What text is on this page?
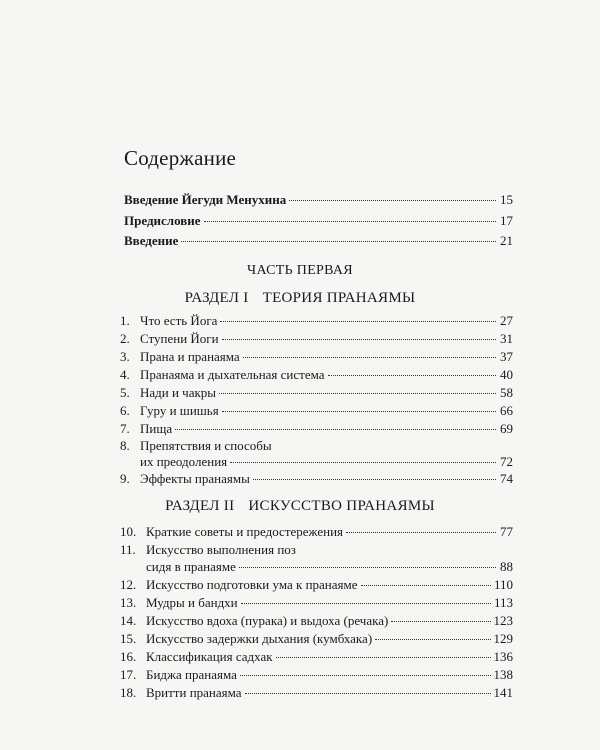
Содержание
Введение Йегуди Менухина	15
Предисловие	17
Введение	21
ЧАСТЬ ПЕРВАЯ
РАЗДЕЛ I ТЕОРИЯ ПРАНАЯМЫ
1. Что есть Йога	27
2. Ступени Йоги	31
3. Прана и пранаяма	37
4. Пранаяма и дыхательная система	40
5. Нади и чакры	58
6. Гуру и шишья	66
7. Пища	69
8. Препятствия и способы
их преодоления	72
9. Эффекты пранаямы	74
РАЗДЕЛ II ИСКУССТВО ПРАНАЯМЫ
10. Краткие советы и предостережения	77
11. Искусство выполнения поз
сидя в пранаяме	88
12. Искусство подготовки ума к пранаяме	110
13. Мудры и бандхи	113
14. Искусство вдоха (пурака) и выдоха (речака)	123
15. Искусство задержки дыхания (кумбхака)	129
16. Классификация садхак	136
17. Биджа пранаяма	138
18. Вритти пранаяма	141
